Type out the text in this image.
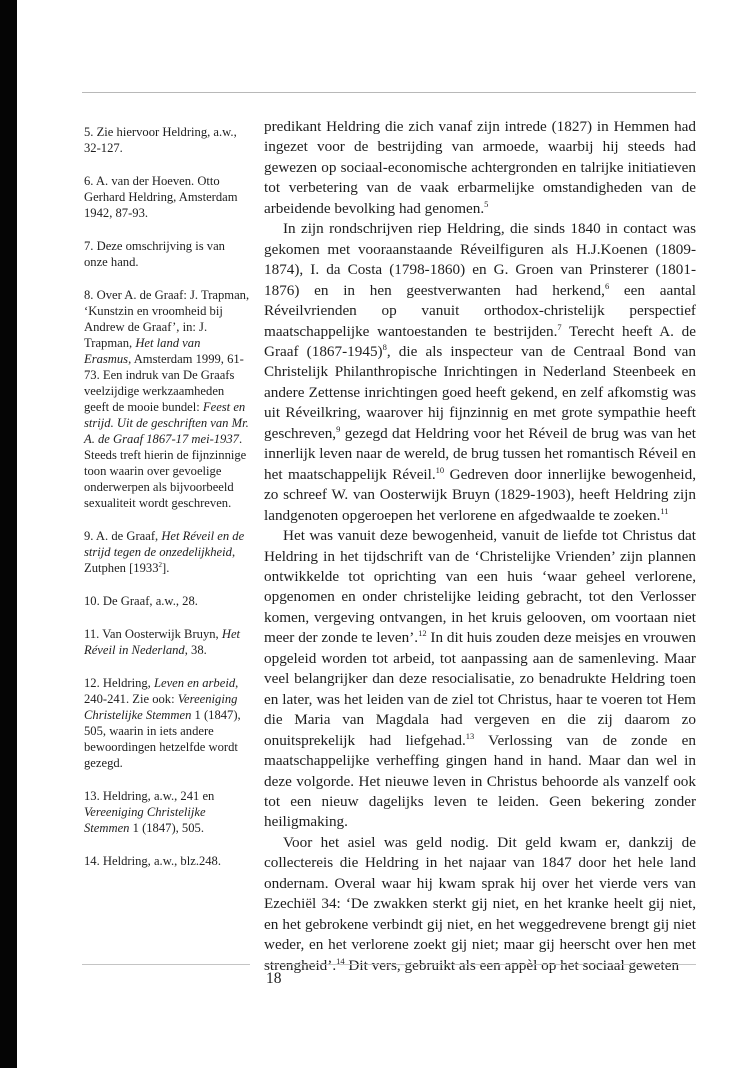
5. Zie hiervoor Heldring, a.w., 32-127.
6. A. van der Hoeven. Otto Gerhard Heldring, Amsterdam 1942, 87-93.
7. Deze omschrijving is van onze hand.
8. Over A. de Graaf: J. Trapman, ‘Kunstzin en vroomheid bij Andrew de Graaf’, in: J. Trapman, Het land van Erasmus, Amsterdam 1999, 61-73. Een indruk van De Graafs veelzijdige werkzaamheden geeft de mooie bundel: Feest en strijd. Uit de geschriften van Mr. A. de Graaf 1867-17 mei-1937. Steeds treft hierin de fijnzinnige toon waarin over gevoelige onderwerpen als bijvoorbeeld sexualiteit wordt geschreven.
9. A. de Graaf, Het Réveil en de strijd tegen de onzedelijkheid, Zutphen [1933$^2$].
10. De Graaf, a.w., 28.
11. Van Oosterwijk Bruyn, Het Réveil in Nederland, 38.
12. Heldring, Leven en arbeid, 240-241. Zie ook: Vereeniging Christelijke Stemmen 1 (1847), 505, waarin in iets andere bewoordingen hetzelfde wordt gezegd.
13. Heldring, a.w., 241 en Vereeniging Christelijke Stemmen 1 (1847), 505.
14. Heldring, a.w., blz.248.

predikant Heldring die zich vanaf zijn intrede (1827) in Hemmen had ingezet voor de bestrijding van armoede, waarbij hij steeds had gewezen op sociaal-economische achtergronden en talrijke initiatieven tot verbetering van de vaak erbarmelijke omstandigheden van de arbeidende bevolking had genomen.$^5$

In zijn rondschrijven riep Heldring, die sinds 1840 in contact was gekomen met vooraanstaande Réveilfiguren als H.J.Koenen (1809-1874), I. da Costa (1798-1860) en G. Groen van Prinsterer (1801-1876) en in hen geestverwanten had herkend,$^6$ een aantal Réveilvrienden op vanuit orthodox-christelijk perspectief maatschappelijke wantoestanden te bestrijden.$^7$ Terecht heeft A. de Graaf (1867-1945)$^8$, die als inspecteur van de Centraal Bond van Christelijk Philanthropische Inrichtingen in Nederland Steenbeek en andere Zettense inrichtingen goed heeft gekend, en zelf afkomstig was uit Réveilkring, waarover hij fijnzinnig en met grote sympathie heeft geschreven,$^9$ gezegd dat Heldring voor het Réveil de brug was van het innerlijk leven naar de wereld, de brug tussen het romantisch Réveil en het maatschappelijk Réveil.$^{10}$ Gedreven door innerlijke bewogenheid, zo schreef W. van Oosterwijk Bruyn (1829-1903), heeft Heldring zijn landgenoten opgeroepen het verlorene en afgedwaalde te zoeken.$^{11}$

Het was vanuit deze bewogenheid, vanuit de liefde tot Christus dat Heldring in het tijdschrift van de ‘Christelijke Vrienden’ zijn plannen ontwikkelde tot oprichting van een huis ‘waar geheel verlorene, opgenomen en onder christelijke leiding gebracht, tot den Verlosser komen, vergeving ontvangen, in het kruis gelooven, om voortaan niet meer der zonde te leven’.$^{12}$ In dit huis zouden deze meisjes en vrouwen opgeleid worden tot arbeid, tot aanpassing aan de samenleving. Maar veel belangrijker dan deze resocialisatie, zo benadrukte Heldring toen en later, was het leiden van de ziel tot Christus, haar te voeren tot Hem die Maria van Magdala had vergeven en die zij daarom zo onuitsprekelijk had liefgehad.$^{13}$ Verlossing van de zonde en maatschappelijke verheffing gingen hand in hand. Maar dan wel in deze volgorde. Het nieuwe leven in Christus behoorde als vanzelf ook tot een nieuw dagelijks leven te leiden. Geen bekering zonder heiligmaking.

Voor het asiel was geld nodig. Dit geld kwam er, dankzij de collectereis die Heldring in het najaar van 1847 door het hele land ondernam. Overal waar hij kwam sprak hij over het vierde vers van Ezechiël 34: ‘De zwakken sterkt gij niet, en het kranke heelt gij niet, en het gebrokene verbindt gij niet, en het weggedrevene brengt gij niet weder, en het verlorene zoekt gij niet; maar gij heerscht over hen met strengheid’.$^{14}$ Dit vers, gebruikt als een appèl op het sociaal geweten

18
